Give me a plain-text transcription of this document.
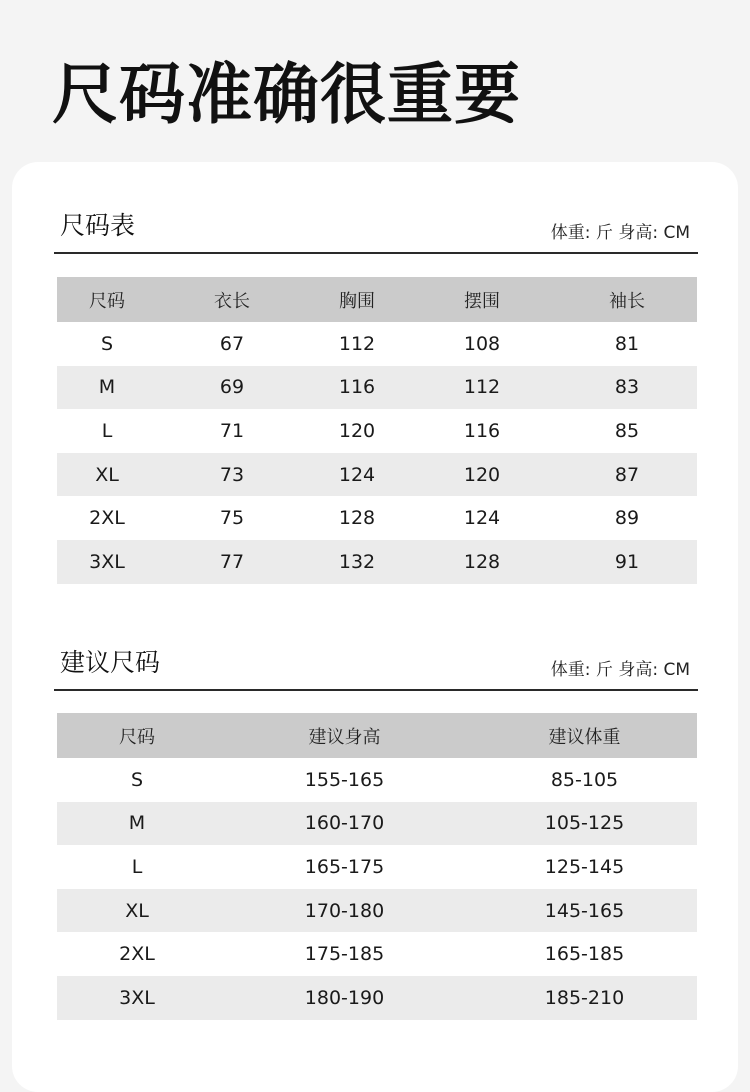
尺码准确很重要
尺码表	体重: 斤 身高: CM
尺码	衣长	胸围	摆围	袖长
S	67	112	108	81
M	69	116	112	83
L	71	120	116	85
XL	73	124	120	87
2XL	75	128	124	89
3XL	77	132	128	91
建议尺码	体重: 斤 身高: CM
尺码	建议身高	建议体重
S	155-165	85-105
M	160-170	105-125
L	165-175	125-145
XL	170-180	145-165
2XL	175-185	165-185
3XL	180-190	185-210
